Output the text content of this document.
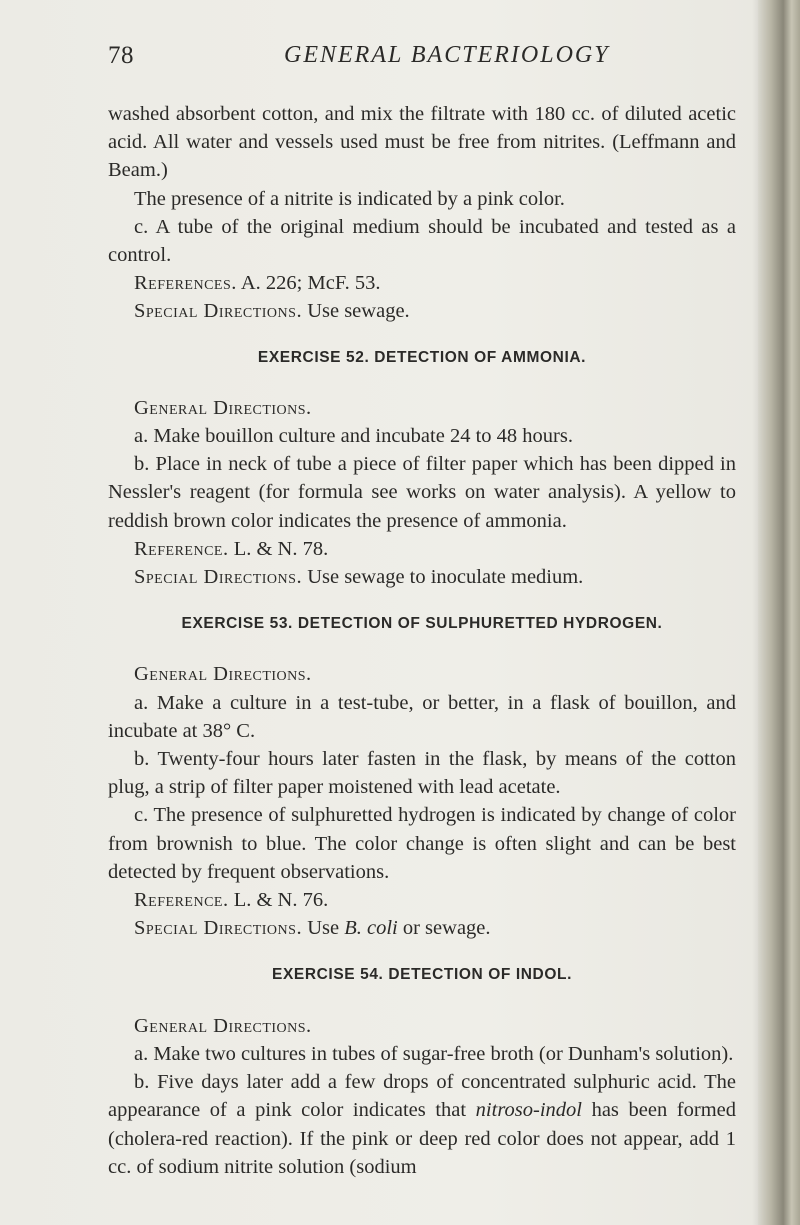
78	GENERAL BACTERIOLOGY

washed absorbent cotton, and mix the filtrate with 180 cc. of diluted acetic acid. All water and vessels used must be free from nitrites. (Leffmann and Beam.)

The presence of a nitrite is indicated by a pink color.

c. A tube of the original medium should be incubated and tested as a control.

References. A. 226; McF. 53.

Special Directions. Use sewage.

EXERCISE 52. DETECTION OF AMMONIA.

General Directions.

a. Make bouillon culture and incubate 24 to 48 hours.

b. Place in neck of tube a piece of filter paper which has been dipped in Nessler's reagent (for formula see works on water analysis). A yellow to reddish brown color indicates the presence of ammonia.

Reference. L. & N. 78.

Special Directions. Use sewage to inoculate medium.

EXERCISE 53. DETECTION OF SULPHURETTED HYDROGEN.

General Directions.

a. Make a culture in a test-tube, or better, in a flask of bouillon, and incubate at 38° C.

b. Twenty-four hours later fasten in the flask, by means of the cotton plug, a strip of filter paper moistened with lead acetate.

c. The presence of sulphuretted hydrogen is indicated by change of color from brownish to blue. The color change is often slight and can be best detected by frequent observations.

Reference. L. & N. 76.

Special Directions. Use B. coli or sewage.

EXERCISE 54. DETECTION OF INDOL.

General Directions.

a. Make two cultures in tubes of sugar-free broth (or Dunham's solution).

b. Five days later add a few drops of concentrated sulphuric acid. The appearance of a pink color indicates that nitroso-indol has been formed (cholera-red reaction). If the pink or deep red color does not appear, add 1 cc. of sodium nitrite solution (sodium
